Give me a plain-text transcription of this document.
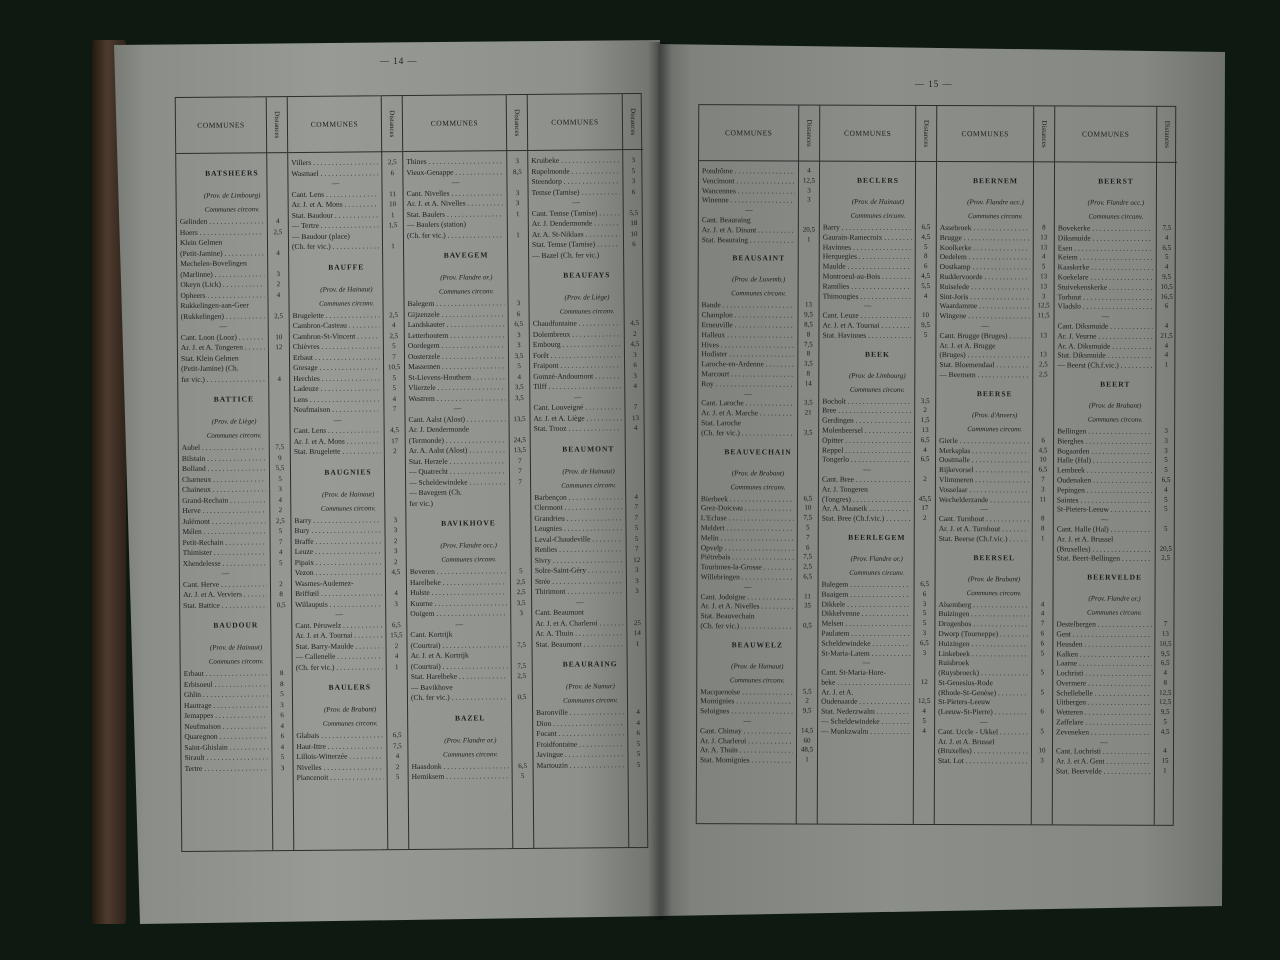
— 14 —
COMMUNES	Distances
BATSHEERS
(Prov. de Limbourg)
Communes circonv.
Gelinden . . .	4
Hoers . . .	2,5
Klein Gelmen
(Petit-Jamine) . . .	4
Mechelen-Bovelingen
(Marlinne) . . .	3
Okeyn (Lick) . . .	2
Opheers . . .	4
Rukkelingen-aan-Geer
(Rukkelingen) . . .	2,5
—
Cant. Loon (Looz) . . .	10
Ar. J. et A. Tongeren . . .	12
Stat. Klein Gelmen
(Petit-Jamine) (Ch.
fer vic.) . . .	4
BATTICE
(Prov. de Liège)
Communes circonv.
Aubel . . .	7,5
Bilstain . . .	9
Bolland . . .	5,5
Charneux . . .	5
Chaineux . . .	3
Grand-Rechain . . .	4
Herve . . .	2
Julémont . . .	2,5
Mélen . . .	5
Petit-Rechain . . .	7
Thimister . . .	4
Xhendelesse . . .	5
—
Cant. Herve . . .	2
Ar. J. et A. Verviers . . .	8
Stat. Battice . . .	0,5
BAUDOUR
(Prov. de Hainaut)
Communes circonv.
Erbaut . . .	8
Erbisoeul . . .	8
Ghlin . . .	5
Hautrage . . .	3
Jemappes . . .	6
Neufmaison . . .	4
Quaregnon . . .	6
Saint-Ghislain . . .	4
Sirault . . .	5
Tertre . . .	3
COMMUNES	Distances
Villers . . .	2,5
Wasmael . . .	6
—
Cant. Lens . . .	11
Ar. J. et A. Mons . . .	10
Stat. Baudour . . .	1
— Tertre . . .	1,5
— Baudour (place)
(Ch. fer vic.) . . .	1
BAUFFE
(Prov. de Hainaut)
Communes circonv.
Brugelette . . .	2,5
Cambron-Casteau . . .	4
Cambron-St-Vincent . . .	2,5
Chièvres . . .	5
Erbaut . . .	7
Gresage . . .	10,5
Herchies . . .	5
Ladeuze . . .	5
Lens . . .	4
Neufmaison . . .	7
—
Cant. Lens . . .	4,5
Ar. J. et A. Mons . . .	17
Stat. Brugelette . . .	2
BAUGNIES
(Prov. de Hainaut)
Communes circonv.
Barry . . .	3
Bury . . .	3
Braffe . . .	2
Leuze . . .	3
Pipaix . . .	2
Vezon . . .	4,5
Wasmes-Audemez-
Briffœil . . .	4
Willaupuis . . .	3
—
Cant. Péruwelz . . .	6,5
Ar. J. et A. Tournai . . .	15,5
Stat. Barry-Maulde . . .	2
— Callenelle . . .	4
(Ch. fer vic.) . . .	1
BAULERS
(Prov. de Brabant)
Communes circonv.
Glabais . . .	6,5
Haut-Ittre . . .	7,5
Lillois-Witterzée . . .	4
Nivelles . . .	2
Plancenoit . . .	5
COMMUNES	Distances
Thines . . .	3
Vieux-Genappe . . .	8,5
—
Cant. Nivelles . . .	3
Ar. J. et A. Nivelles . . .	3
Stat. Baulers . . .	1
— Baulers (station)
(Ch. fer vic.) . . .	1
BAVEGEM
(Prov. Flandre or.)
Communes circonv.
Balegem . . .	3
Gijzenzele . . .	6
Landskauter . . .	6,5
Letterhoutem . . .	3
Oordegem . . .	3
Oosterzele . . .	3,5
Massemen . . .	5
St-Lievens-Houthem . . .	4
Vlierzele . . .	3,5
Westrem . . .	3,5
—
Cant. Aalst (Alost) . . .	13,5
Ar. J. Dendermonde
(Termonde) . . .	24,5
Ar. A. Aalst (Alost) . . .	13,5
Stat. Herzele . . .	7
— Quatrecht . . .	7
— Scheldewindeke . . .	7
— Bavegem (Ch.
fer vic.)
BAVIKHOVE
(Prov. Flandre occ.)
Communes circonv.
Beveren . . .	5
Harelbeke . . .	2,5
Hulste . . .	2,5
Kuurne . . .	3,5
Ooigem . . .	3
—
Cant. Kortrijk
(Courtrai) . . .	7,5
Ar. J. et A. Kortrijk
(Courtrai) . . .	7,5
Stat. Harelbeke . . .	2,5
— Bavikhove
(Ch. fer vic.) . . .	0,5
BAZEL
(Prov. Flandre or.)
Communes circonv.
Haasdonk . . .	6,5
Hemiksem . . .	5
COMMUNES	Distances
Kruibeke . . .	3
Rupelmonde . . .	5
Steendorp . . .	3
Temse (Tamise) . . .	6
—
Cant. Temse (Tamise) . . .	5,5
Ar. J. Dendermonde . . .	18
Ar. A. St-Niklaas . . .	10
Stat. Temse (Tamise) . . .	6
— Bazel (Ch. fer vic.)
BEAUFAYS
(Prov. de Liège)
Communes circonv.
Chaudfontaine . . .	4,5
Dolembreux . . .	2
Embourg . . .	4,5
Forêt . . .	3
Fraipont . . .	6
Gomzé-Andoumont . . .	3
Tilff . . .	4
—
Cant. Louveigné . . .	7
Ar. J. et A. Liège . . .	13
Stat. Trooz . . .	4
BEAUMONT
(Prov. de Hainaut)
Communes circonv.
Barbençon . . .	4
Clermont . . .	7
Grandrieu . . .	7
Leugnies . . .	5
Leval-Chaudeville . . .	5
Renlies . . .	7
Sivry . . .	12
Solre-Saint-Géry . . .	3
Strée . . .	3
Thirimont . . .	3
—
Cant. Beaumont
Ar. J. et A. Charleroi . . .	25
Ar. A. Thuin . . .	14
Stat. Beaumont . . .	1
BEAURAING
(Prov. de Namur)
Communes circonv.
Baronville . . .	4
Dion . . .	4
Focant . . .	6
Froidfontaine . . .	5
Javingue . . .	5
Martouzin . . .	5
— 15 —
COMMUNES	Distances
Pondrôme . . .	4
Vencimont . . .	12,5
Wancennes . . .	3
Winenne . . .	3
—
Cant. Beauraing
Ar. J. et A. Dinant . . .	20,5
Stat. Beauraing . . .	1
BEAUSAINT
(Prov. de Luxemb.)
Communes circonv.
Bande . . .	13
Champlon . . .	9,5
Erneuville . . .	8,5
Halleux . . .	8
Hives . . .	7,5
Hodister . . .	8
Laroche-en-Ardenne . . .	3,5
Marcourt . . .	8
Roy . . .	14
—
Cant. Laroche . . .	3,5
Ar. J. et A. Marche . . .	21
Stat. Laroche
(Ch. fer vic.) . . .	3,5
BEAUVECHAIN
(Prov. de Brabant)
Communes circonv.
Bierbeek . . .	6,5
Grez-Doiceau . . .	10
L'Ecluse . . .	7,5
Meldert . . .	5
Melin . . .	7
Opvelp . . .	6
Piétrebais . . .	7,5
Tourinnes-la-Grosse . . .	2,5
Willebringen . . .	6,5
—
Cant. Jodoigne . . .	11
Ar. J. et A. Nivelles . . .	35
Stat. Beauvechain
(Ch. fer vic.) . . .	0,5
BEAUWELZ
(Prov. de Hainaut)
Communes circonv.
Macquenoise . . .	5,5
Momignies . . .	2
Seloignes . . .	9,5
—
Cant. Chimay . . .	14,5
Ar. J. Charleroi . . .	60
Ar. A. Thuin . . .	48,5
Stat. Momignies . . .	1
COMMUNES	Distances
BECLERS
(Prov. de Hainaut)
Communes circonv.
Barry . . .	6,5
Gaurain-Ramecroix . . .	4,5
Havinnes . . .	5
Herquegies . . .	8
Maulde . . .	6
Montroeul-au-Bois . . .	4,5
Ramilies . . .	5,5
Thimougies . . .	4
—
Cant. Leuze . . .	10
Ar. J. et A. Tournai . . .	9,5
Stat. Havinnes . . .	5
BEEK
(Prov. de Limbourg)
Communes circonv.
Bocholt . . .	3,5
Bree . . .	2
Gerdingen . . .	1,5
Molenbeersel . . .	13
Opitter . . .	6,5
Reppel . . .	4
Tongerlo . . .	6,5
—
Cant. Bree . . .	2
Ar. J. Tongeren
(Tongres) . . .	45,5
Ar. A. Maaseik . . .	17
Stat. Bree (Ch.f.vic.) . . .	2
BEERLEGEM
(Prov. Flandre or.)
Communes circonv.
Balegem . . .	6,5
Baaigem . . .	6
Dikkele . . .	3
Dikkelvenne . . .	5
Melsen . . .	5
Paulatem . . .	3
Scheldewindeke . . .	6,5
St-Maria-Latem . . .	3
—
Cant. St-Maria-Hore-
beke . . .	12
Ar. J. et A.
Oudenaarde . . .	12,5
Stat. Nederzwalm . . .	4
— Scheldewindeke . . .	5
— Munkzwalm . . .	4
COMMUNES	Distances
BEERNEM
(Prov. Flandre occ.)
Communes circonv.
Assebroek . . .	8
Brugge . . .	13
Koolkerke . . .	13
Oedelem . . .	4
Oostkamp . . .	5
Ruddervoorde . . .	13
Ruiselede . . .	13
Sint-Joris . . .	3
Waardamme . . .	12,5
Wingene . . .	11,5
—
Cant. Brugge (Bruges) . . .	13
Ar. J. et A. Brugge
(Bruges) . . .	13
Stat. Bloemendaal . . .	2,5
— Beernem . . .	2,5
BEERSE
(Prov. d'Anvers)
Communes circonv.
Gierle . . .	6
Merksplas . . .	4,5
Oostmalle . . .	10
Rijkevorsel . . .	6,5
Vlimmeren . . .	7
Vosselaar . . .	3
Wechelderzande . . .	11
—
Cant. Turnhout . . .	8
Ar. J. et A. Turnhout . . .	8
Stat. Beerse (Ch.f.vic.) . . .	1
BEERSEL
(Prov. de Brabant)
Communes circonv.
Alsemberg . . .	4
Buizingen . . .	4
Drogenbos . . .	7
Dworp (Tourneppe) . . .	6
Huizingen . . .	6
Linkebeek . . .	5
Ruisbroek
(Ruysbroeck) . . .	5
St-Genesius-Rode
(Rhode-St-Genèse) . . .	5
St-Pieters-Leeuw
(Leeuw-St-Pierre) . . .	6
—
Cant. Uccle - Ukkel . . .	5
Ar. J. et A. Brussel
(Bruxelles) . . .	10
Stat. Lot . . .	3
COMMUNES	Distances
BEERST
(Prov. Flandre occ.)
Communes circonv.
Bovekerke . . .	7,5
Diksmuide . . .	4
Esen . . .	6,5
Keiem . . .	5
Kaaskerke . . .	4
Koekelare . . .	9,5
Stuivekenskerke . . .	10,5
Torhout . . .	16,5
Vladslo . . .	6
—
Cant. Diksmuide . . .	4
Ar. J. Veurne . . .	21,5
Ar. A. Diksmuide . . .	4
Stat. Diksmuide . . .	4
— Beerst (Ch.f.vic.) . . .	1
BEERT
(Prov. de Brabant)
Communes circonv.
Bellingen . . .	3
Bierghes . . .	3
Bogaarden . . .	3
Halle (Hal) . . .	5
Lembeek . . .	5
Oudenaken . . .	6,5
Pepingen . . .	4
Saintes . . .	5
St-Pieters-Leeuw . . .	5
—
Cant. Halle (Hal) . . .	5
Ar. J. et A. Brussel
(Bruxelles) . . .	20,5
Stat. Beert-Bellingen . . .	2,5
BEERVELDE
(Prov. Flandre or.)
Communes circonv.
Destelbergen . . .	7
Gent . . .	13
Heusden . . .	10,5
Kalken . . .	9,5
Laarne . . .	6,5
Lochristi . . .	4
Overmere . . .	8
Schellebelle . . .	12,5
Uitbergen . . .	12,5
Wetteren . . .	9,5
Zaffelare . . .	5
Zeveneken . . .	4,5
—
Cant. Lochristi . . .	4
Ar. J. et A. Gent . . .	15
Stat. Beervelde . . .	1
